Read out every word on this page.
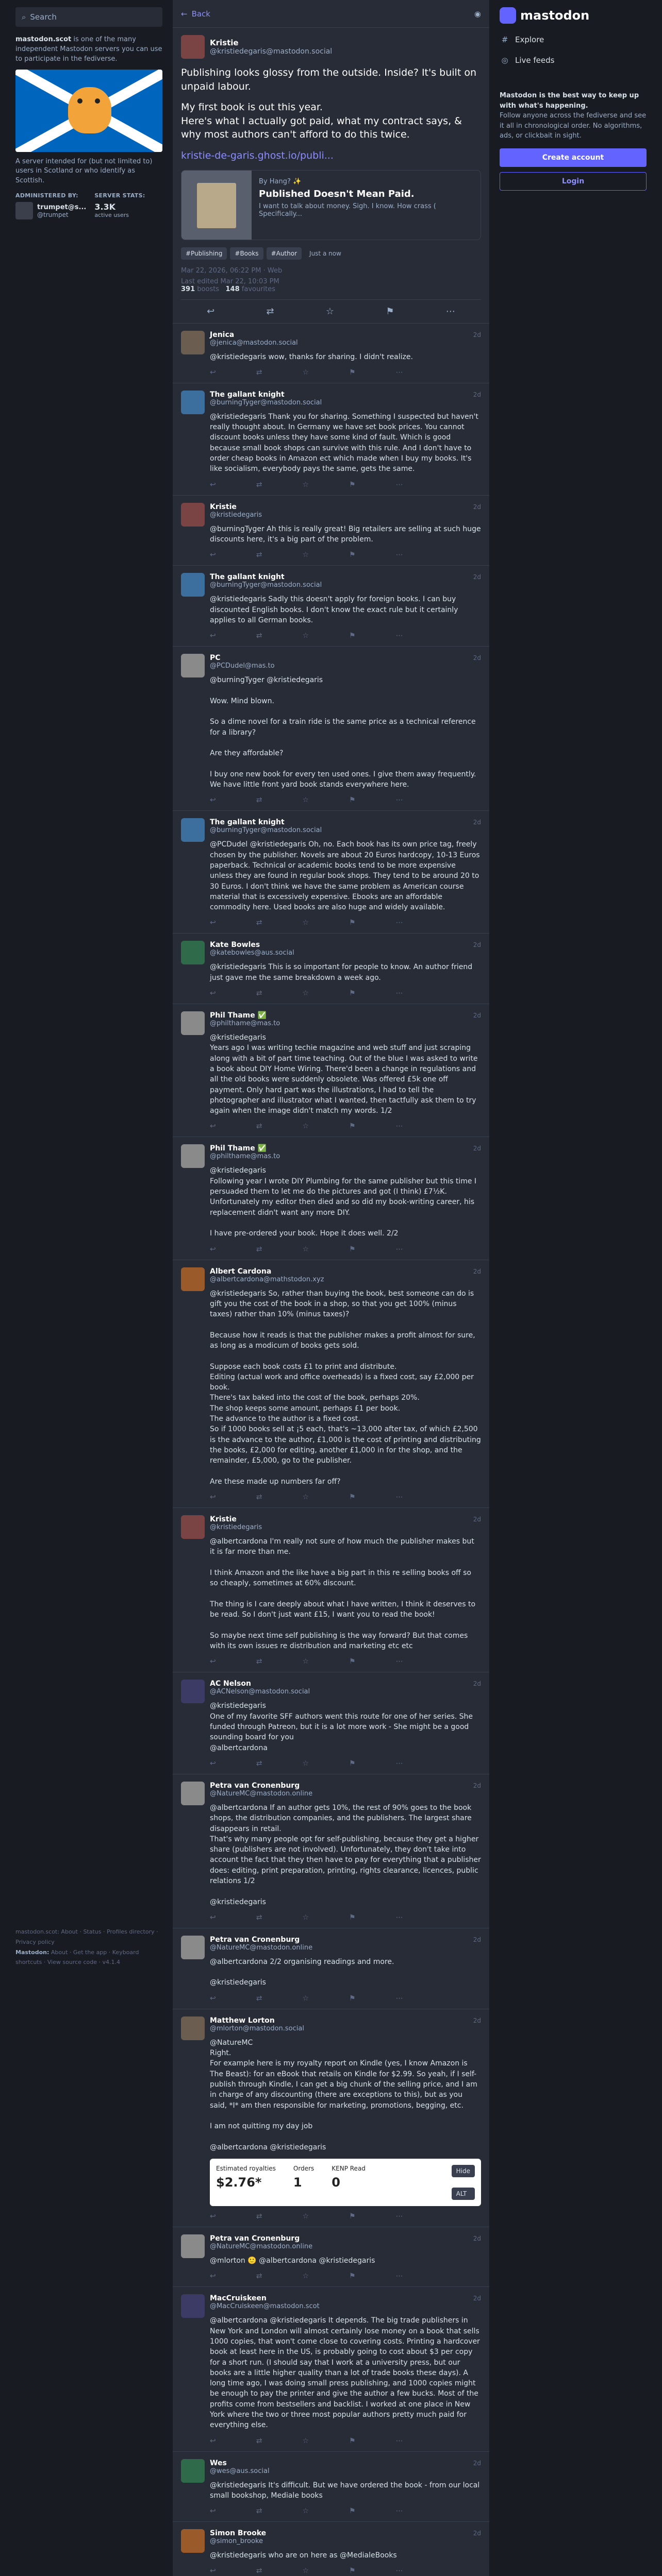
⌕ Search
mastodon.scot is one of the many independent Mastodon servers you can use to participate in the fediverse.
A server intended for (but not limited to) users in Scotland or who identify as Scottish.
ADMINISTERED BY:
trumpet@s...
@trumpet
SERVER STATS:
3.3K
active users
mastodon.scot: About · Status · Profiles directory · Privacy policy
Mastodon: About · Get the app · Keyboard shortcuts · View source code · v4.1.4
← Back	◉
Kristie
@kristiedegaris@mastodon.social

Publishing looks glossy from the outside. Inside? It's built on unpaid labour.

My first book is out this year.
Here's what I actually got paid, what my contract says, & why most authors can't afford to do this twice.

kristie-de-garis.ghost.io/publi...

By Hang? ✨
Published Doesn't Mean Paid.
I want to talk about money. Sigh. I know. How crass ( Specifically...
#Publishing	#Books	#Author	Just a now
Mar 22, 2026, 06:22 PM · Web
Last edited Mar 22, 10:03 PM
391 boosts 148 favourites
↩	⇄	☆	⚑	⋯
Jenica	2d
@jenica@mastodon.social
@kristiedegaris wow, thanks for sharing. I didn't realize.
↩	⇄	☆	⚑	⋯
The gallant knight	2d
@burningTyger@mastodon.social
@kristiedegaris Thank you for sharing. Something I suspected but haven't really thought about. In Germany we have set book prices. You cannot discount books unless they have some kind of fault. Which is good because small book shops can survive with this rule. And I don't have to order cheap books in Amazon ect which made when I buy my books. It's like socialism, everybody pays the same, gets the same.
↩	⇄	☆	⚑	⋯
Kristie	2d
@kristiedegaris
@burningTyger Ah this is really great! Big retailers are selling at such huge discounts here, it's a big part of the problem.
↩	⇄	☆	⚑	⋯
The gallant knight	2d
@burningTyger@mastodon.social
@kristiedegaris Sadly this doesn't apply for foreign books. I can buy discounted English books. I don't know the exact rule but it certainly applies to all German books.
↩	⇄	☆	⚑	⋯
PC	2d
@PCDudel@mas.to
@burningTyger @kristiedegaris

Wow. Mind blown.

So a dime novel for a train ride is the same price as a technical reference for a library?

Are they affordable?

I buy one new book for every ten used ones. I give them away frequently. We have little front yard book stands everywhere here.
↩	⇄	☆	⚑	⋯
The gallant knight	2d
@burningTyger@mastodon.social
@PCDudel @kristiedegaris Oh, no. Each book has its own price tag, freely chosen by the publisher. Novels are about 20 Euros hardcopy, 10-13 Euros paperback. Technical or academic books tend to be more expensive unless they are found in regular book shops. They tend to be around 20 to 30 Euros. I don't think we have the same problem as American course material that is excessively expensive. Ebooks are an affordable commodity here. Used books are also huge and widely available.
↩	⇄	☆	⚑	⋯
Kate Bowles	2d
@katebowles@aus.social
@kristiedegaris This is so important for people to know. An author friend just gave me the same breakdown a week ago.
↩	⇄	☆	⚑	⋯
Phil Thame ✅	2d
@philthame@mas.to
@kristiedegaris
Years ago I was writing techie magazine and web stuff and just scraping along with a bit of part time teaching. Out of the blue I was asked to write a book about DIY Home Wiring. There'd been a change in regulations and all the old books were suddenly obsolete. Was offered £5k one off payment. Only hard part was the illustrations, I had to tell the photographer and illustrator what I wanted, then tactfully ask them to try again when the image didn't match my words. 1/2
↩	⇄	☆	⚑	⋯
Phil Thame ✅	2d
@philthame@mas.to
@kristiedegaris
Following year I wrote DIY Plumbing for the same publisher but this time I persuaded them to let me do the pictures and got (I think) £7½K. Unfortunately my editor then died and so did my book-writing career, his replacement didn't want any more DIY.

I have pre-ordered your book. Hope it does well. 2/2
↩	⇄	☆	⚑	⋯
Albert Cardona	2d
@albertcardona@mathstodon.xyz
@kristiedegaris So, rather than buying the book, best someone can do is gift you the cost of the book in a shop, so that you get 100% (minus taxes) rather than 10% (minus taxes)?

Because how it reads is that the publisher makes a profit almost for sure, as long as a modicum of books gets sold.

Suppose each book costs £1 to print and distribute.
Editing (actual work and office overheads) is a fixed cost, say £2,000 per book.
There's tax baked into the cost of the book, perhaps 20%.
The shop keeps some amount, perhaps £1 per book.
The advance to the author is a fixed cost.
So if 1000 books sell at ¡5 each, that's ~13,000 after tax, of which £2,500 is the advance to the author, £1,000 is the cost of printing and distributing the books, £2,000 for editing, another £1,000 in for the shop, and the remainder, £5,000, go to the publisher.

Are these made up numbers far off?
↩	⇄	☆	⚑	⋯
Kristie	2d
@kristiedegaris
@albertcardona I'm really not sure of how much the publisher makes but it is far more than me.

I think Amazon and the like have a big part in this re selling books off so so cheaply, sometimes at 60% discount.

The thing is I care deeply about what I have written, I think it deserves to be read. So I don't just want £15, I want you to read the book!

So maybe next time self publishing is the way forward? But that comes with its own issues re distribution and marketing etc etc
↩	⇄	☆	⚑	⋯
AC Nelson	2d
@ACNelson@mastodon.social
@kristiedegaris
One of my favorite SFF authors went this route for one of her series. She funded through Patreon, but it is a lot more work - She might be a good sounding board for you
@albertcardona
↩	⇄	☆	⚑	⋯
Petra van Cronenburg	2d
@NatureMC@mastodon.online
@albertcardona If an author gets 10%, the rest of 90% goes to the book shops, the distribution companies, and the publishers. The largest share disappears in retail.
That's why many people opt for self-publishing, because they get a higher share (publishers are not involved). Unfortunately, they don't take into account the fact that they then have to pay for everything that a publisher does: editing, print preparation, printing, rights clearance, licences, public relations 1/2

@kristiedegaris
↩	⇄	☆	⚑	⋯
Petra van Cronenburg	2d
@NatureMC@mastodon.online
@albertcardona 2/2 organising readings and more.

@kristiedegaris
↩	⇄	☆	⚑	⋯
Matthew Lorton	2d
@mlorton@mastodon.social
@NatureMC
Right.
For example here is my royalty report on Kindle (yes, I know Amazon is The Beast): for an eBook that retails on Kindle for $2.99. So yeah, if I self-publish through Kindle, I can get a big chunk of the selling price, and I am in charge of any discounting (there are exceptions to this), but as you said, *I* am then responsible for marketing, promotions, begging, etc.

I am not quitting my day job

@albertcardona @kristiedegaris
Estimated royalties
$2.76*
Orders
1
KENP Read
0
Hide
ALT
↩	⇄	☆	⚑	⋯
Petra van Cronenburg	2d
@NatureMC@mastodon.online
@mlorton 🙂 @albertcardona @kristiedegaris
↩	⇄	☆	⚑	⋯
MacCruiskeen	2d
@MacCruiskeen@mastodon.scot
@albertcardona @kristiedegaris It depends. The big trade publishers in New York and London will almost certainly lose money on a book that sells 1000 copies, that won't come close to covering costs. Printing a hardcover book at least here in the US, is probably going to cost about $3 per copy for a short run. (I should say that I work at a university press, but our books are a little higher quality than a lot of trade books these days). A long time ago, I was doing small press publishing, and 1000 copies might be enough to pay the printer and give the author a few bucks. Most of the profits come from bestsellers and backlist. I worked at one place in New York where the two or three most popular authors pretty much paid for everything else.
↩	⇄	☆	⚑	⋯
Wes	2d
@wes@aus.social
@kristiedegaris It's difficult. But we have ordered the book - from our local small bookshop, Mediale books
↩	⇄	☆	⚑	⋯
Simon Brooke	2d
@simon_brooke
@kristiedegaris who are on here as @MedialeBooks
↩	⇄	☆	⚑	⋯
mastodon
# Explore
◎ Live feeds
Mastodon is the best way to keep up with what's happening.
Follow anyone across the fediverse and see it all in chronological order. No algorithms, ads, or clickbait in sight.
Create account
Login
